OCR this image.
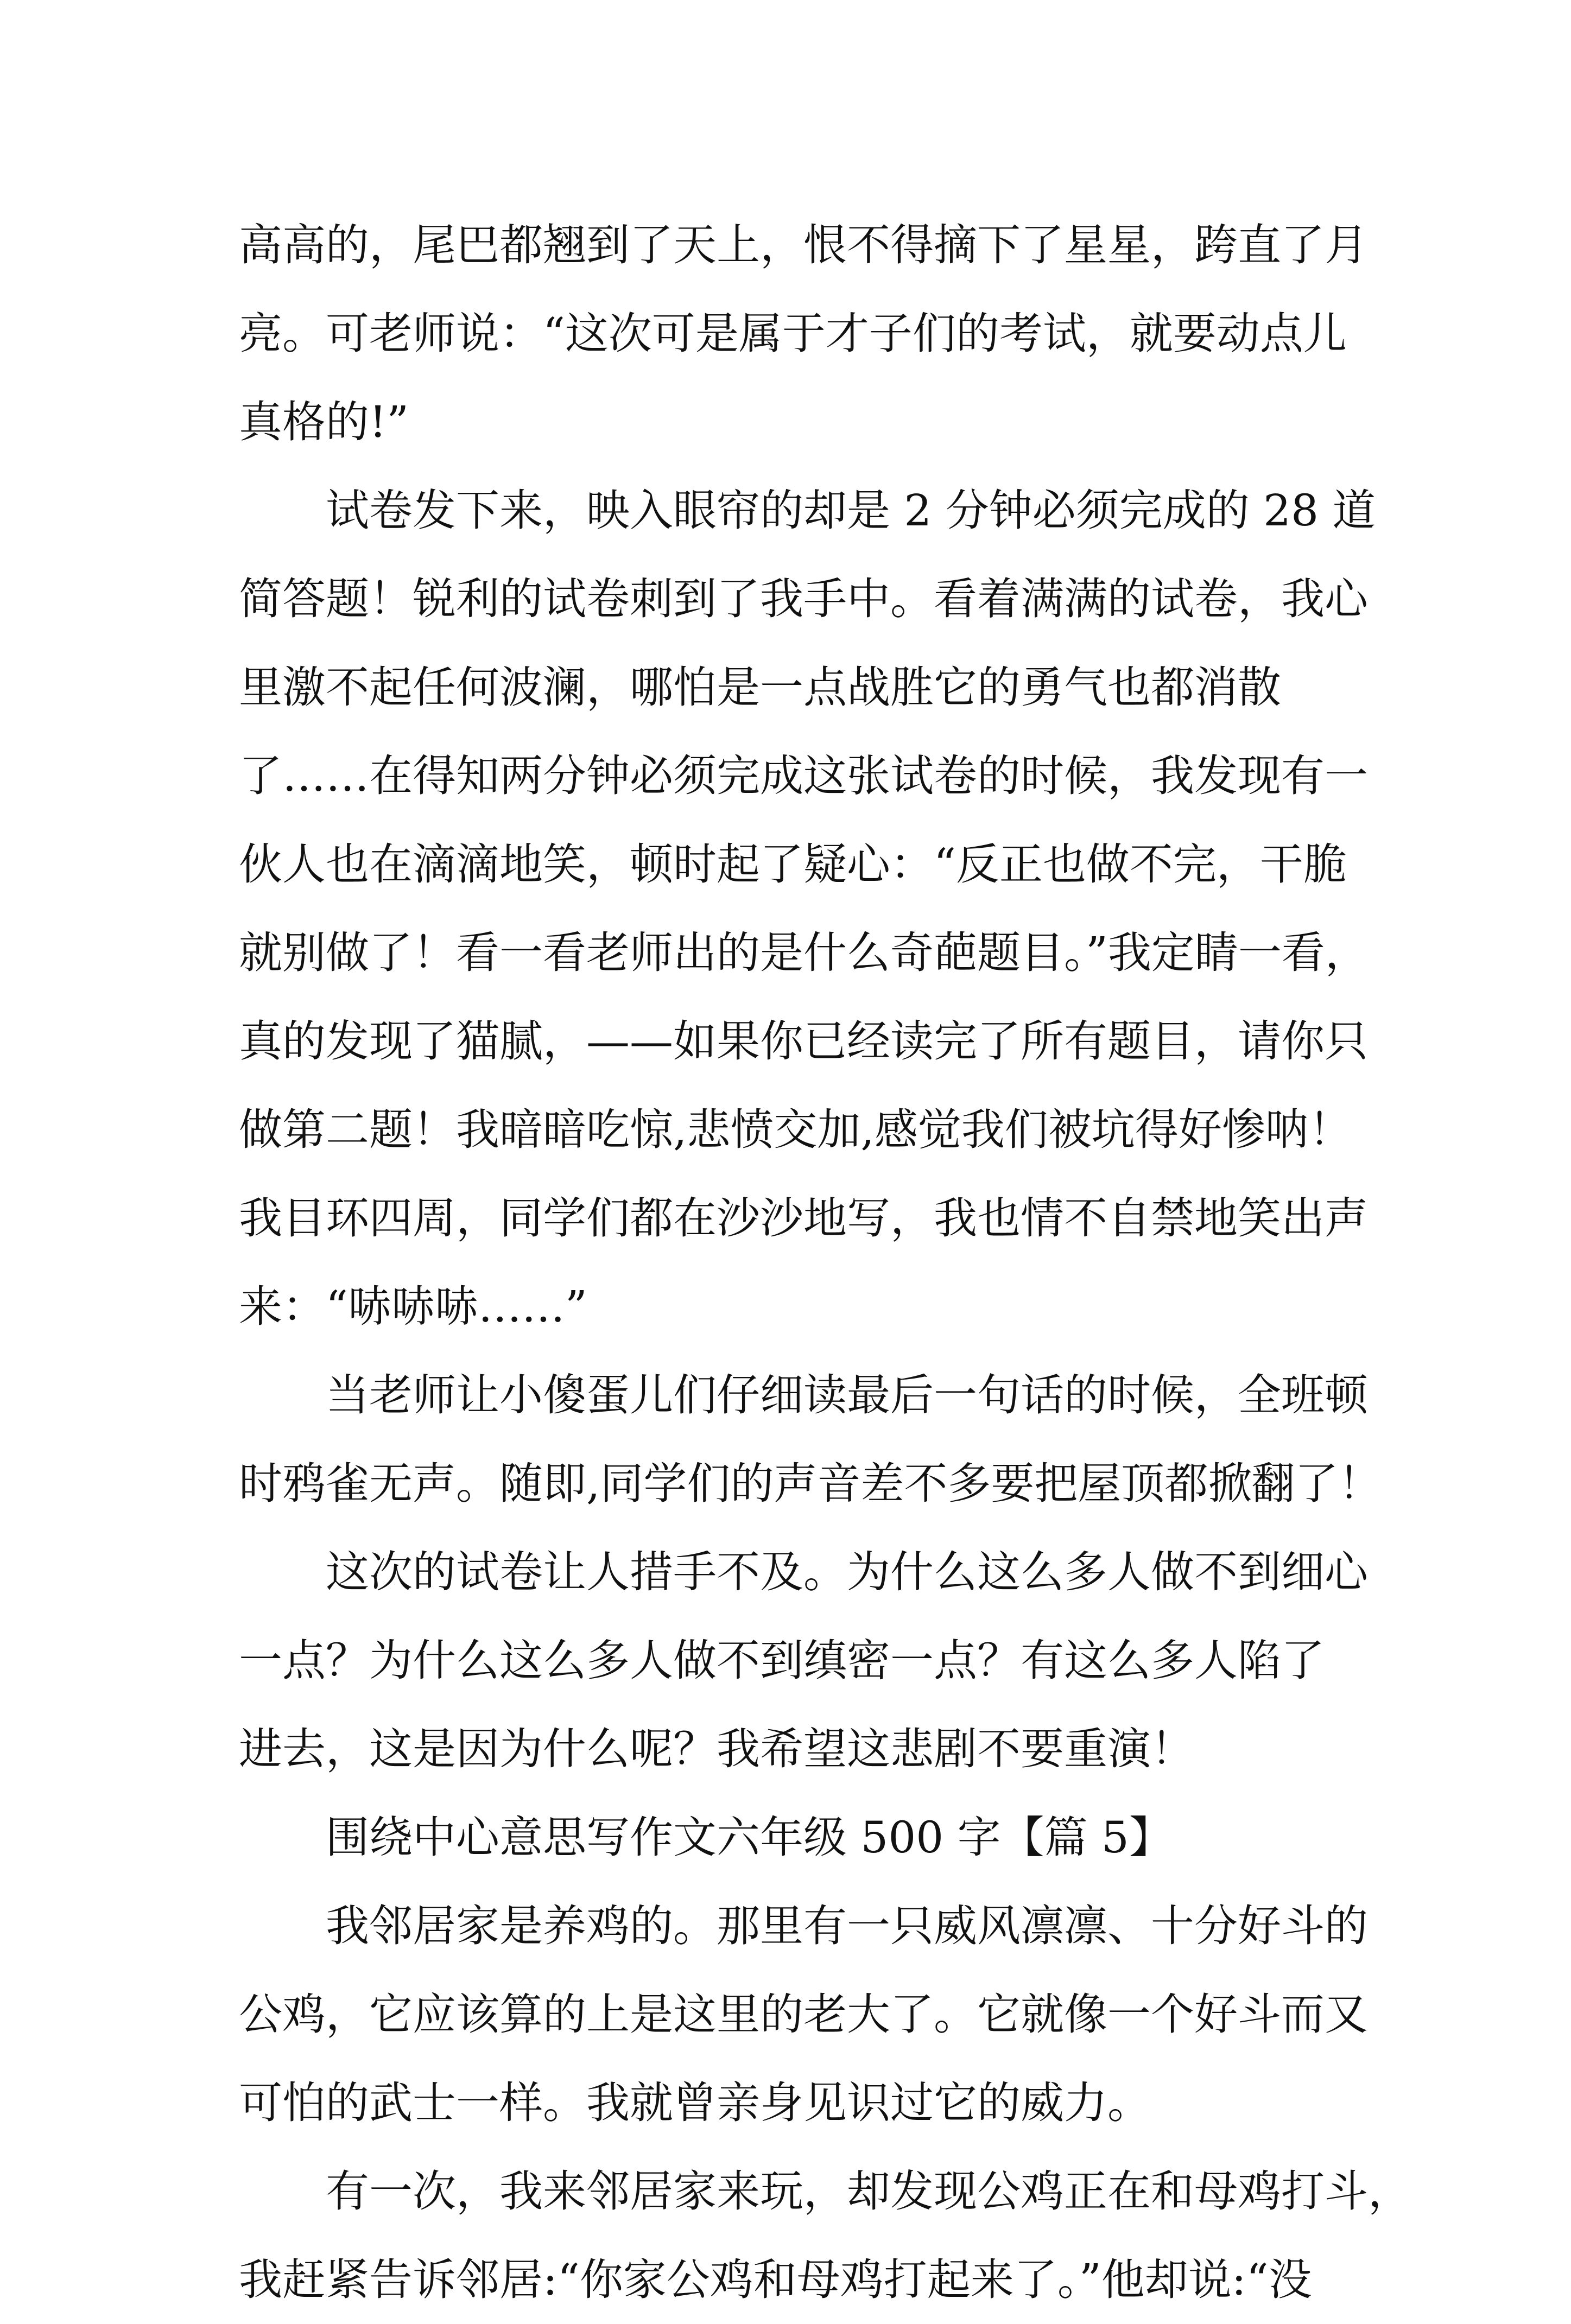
高高的，尾巴都翘到了天上，恨不得摘下了星星，跨直了月

亮。可老师说：“这次可是属于才子们的考试，就要动点儿

真格的!”

试卷发下来，映入眼帘的却是 2 分钟必须完成的 28 道

简答题！锐利的试卷刺到了我手中。看着满满的试卷，我心

里激不起任何波澜，哪怕是一点战胜它的勇气也都消散

了……在得知两分钟必须完成这张试卷的时候，我发现有一

伙人也在滴滴地笑，顿时起了疑心：“反正也做不完，干脆

就别做了！看一看老师出的是什么奇葩题目。”我定睛一看，

真的发现了猫腻，——如果你已经读完了所有题目，请你只

做第二题！我暗暗吃惊,悲愤交加,感觉我们被坑得好惨呐！

我目环四周，同学们都在沙沙地写，我也情不自禁地笑出声

来：“哧哧哧……”

当老师让小傻蛋儿们仔细读最后一句话的时候，全班顿

时鸦雀无声。随即,同学们的声音差不多要把屋顶都掀翻了！

这次的试卷让人措手不及。为什么这么多人做不到细心

一点？为什么这么多人做不到缜密一点？有这么多人陷了

进去，这是因为什么呢？我希望这悲剧不要重演！

围绕中心意思写作文六年级 500 字【篇 5】

我邻居家是养鸡的。那里有一只威风凛凛、十分好斗的

公鸡，它应该算的上是这里的老大了。它就像一个好斗而又

可怕的武士一样。我就曾亲身见识过它的威力。

有一次，我来邻居家来玩，却发现公鸡正在和母鸡打斗，

我赶紧告诉邻居:“你家公鸡和母鸡打起来了。”他却说:“没
